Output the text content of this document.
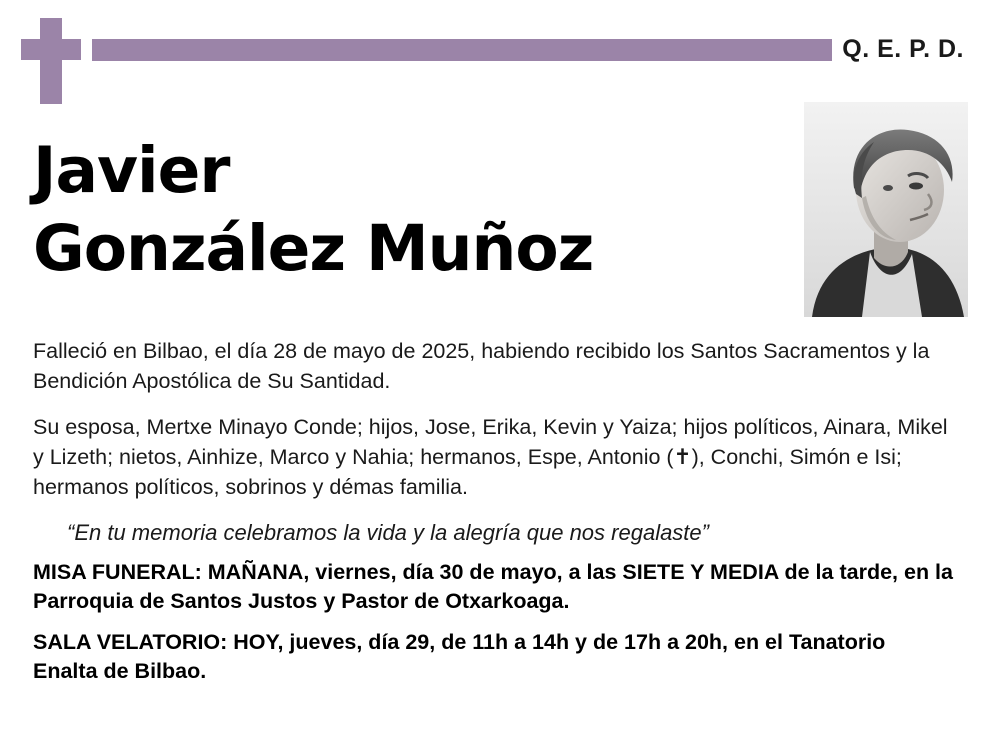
Q. E. P. D.
Javier
González Muñoz

Falleció en Bilbao, el día 28 de mayo de 2025, habiendo recibido los Santos Sacramentos y la Bendición Apostólica de Su Santidad.

Su esposa, Mertxe Minayo Conde; hijos, Jose, Erika, Kevin y Yaiza; hijos políticos, Ainara, Mikel y Lizeth; nietos, Ainhize, Marco y Nahia; hermanos, Espe, Antonio (✝), Conchi, Simón e Isi; hermanos políticos, sobrinos y démas familia.

“En tu memoria celebramos la vida y la alegría que nos regalaste”

MISA FUNERAL: MAÑANA, viernes, día 30 de mayo, a las SIETE Y MEDIA de la tarde, en la Parroquia de Santos Justos y Pastor de Otxarkoaga.

SALA VELATORIO: HOY, jueves, día 29, de 11h a 14h y de 17h a 20h, en el Tanatorio Enalta de Bilbao.
